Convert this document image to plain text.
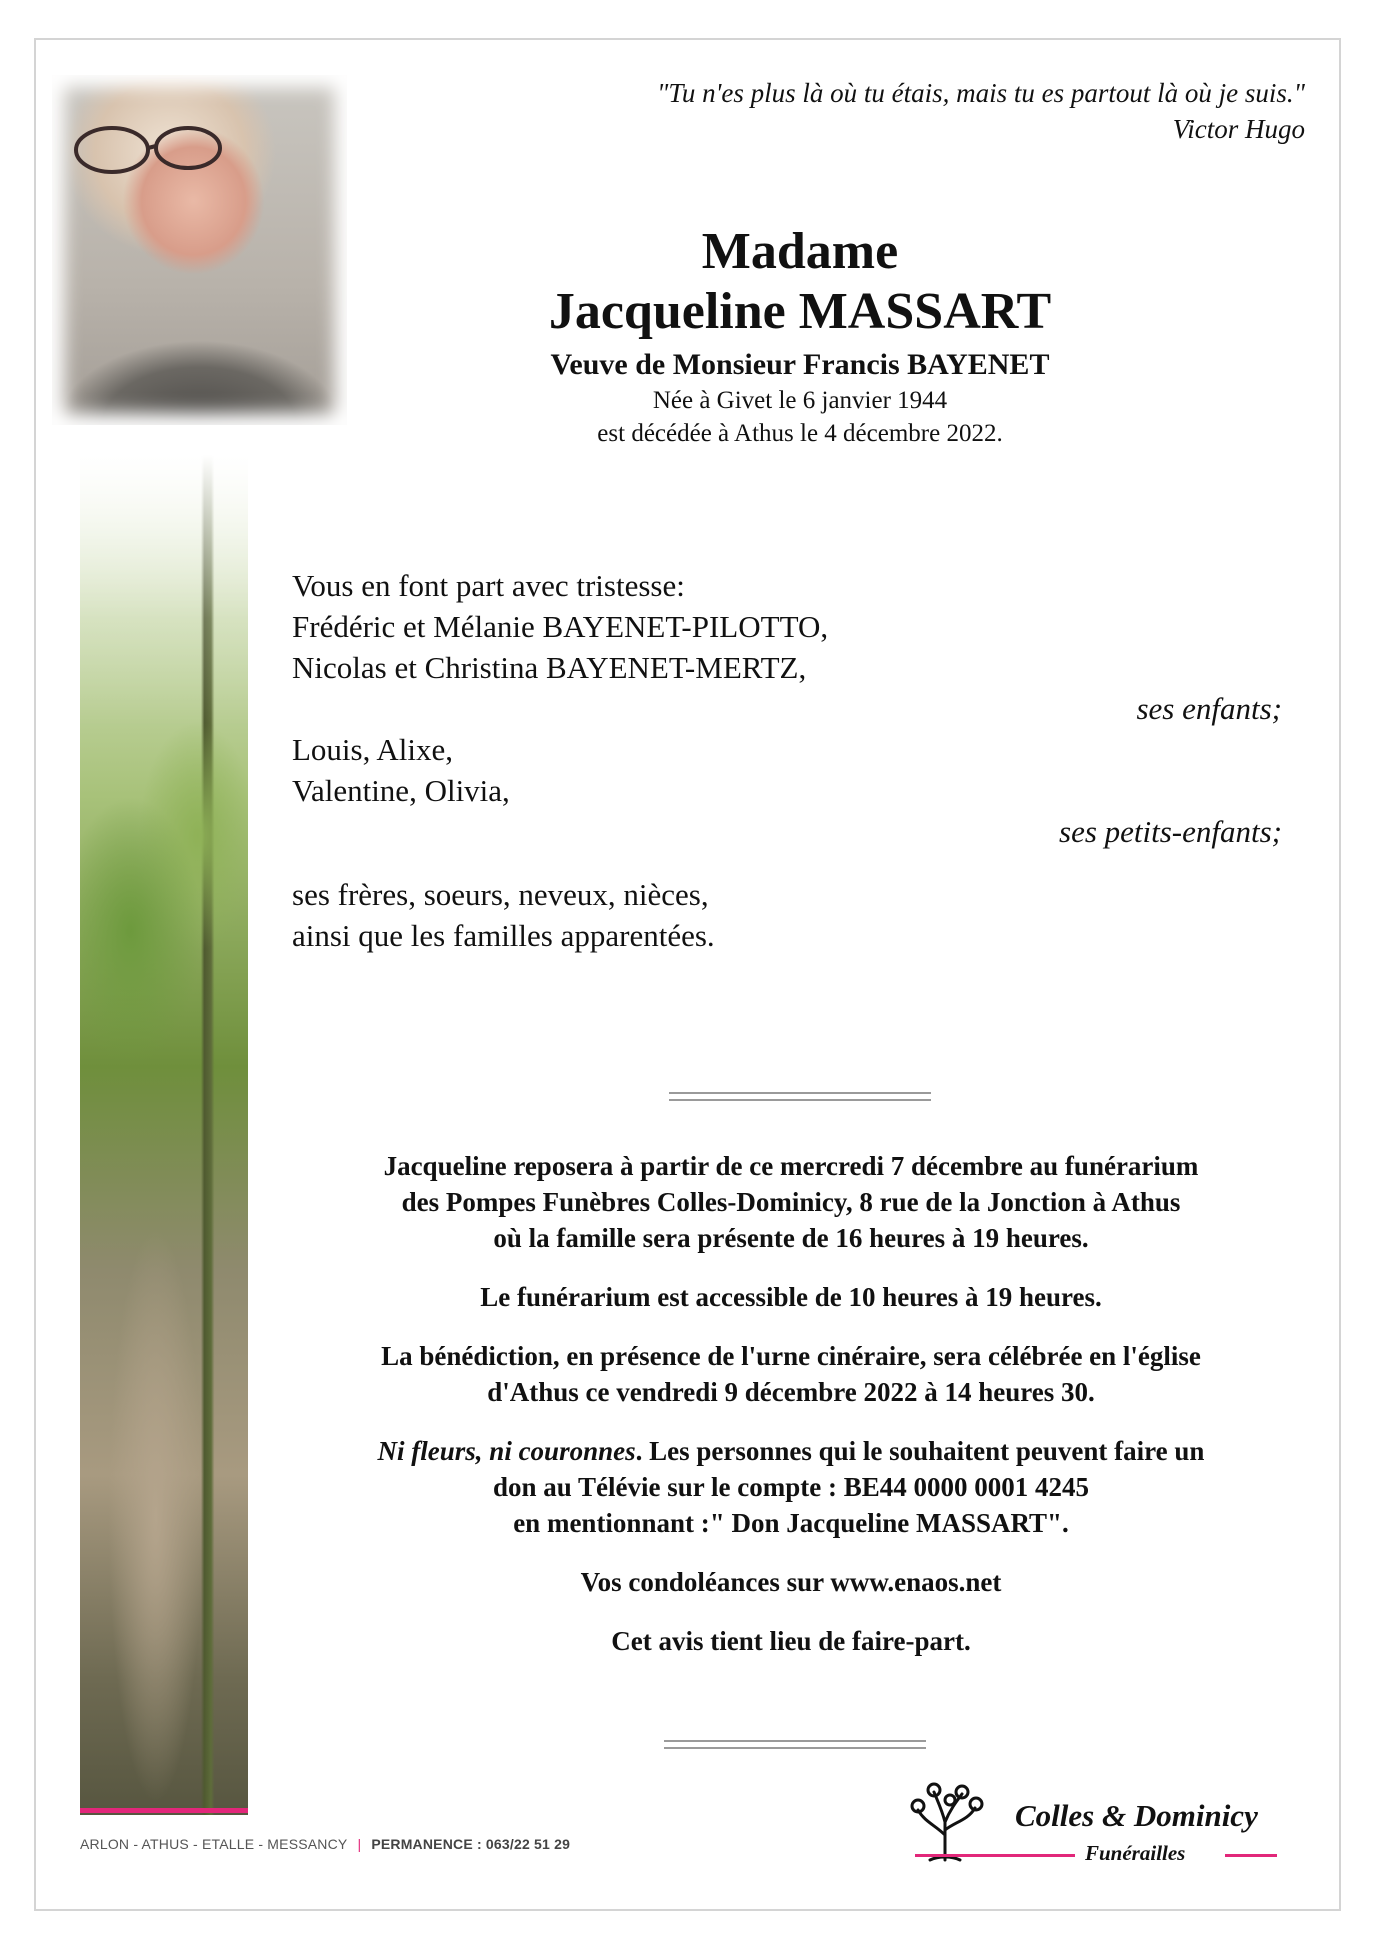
"Tu n'es plus là où tu étais, mais tu es partout là où je suis."
Victor Hugo
Madame
Jacqueline MASSART
Veuve de Monsieur Francis BAYENET
Née à Givet le 6 janvier 1944
est décédée à Athus le 4 décembre 2022.
Vous en font part avec tristesse:
Frédéric et Mélanie BAYENET-PILOTTO,
Nicolas et Christina BAYENET-MERTZ,
ses enfants;
Louis, Alixe,
Valentine, Olivia,
ses petits-enfants;
ses frères, soeurs, neveux, nièces,
ainsi que les familles apparentées.

Jacqueline reposera à partir de ce mercredi 7 décembre au funérarium
des Pompes Funèbres Colles-Dominicy, 8 rue de la Jonction à Athus
où la famille sera présente de 16 heures à 19 heures.

Le funérarium est accessible de 10 heures à 19 heures.

La bénédiction, en présence de l'urne cinéraire, sera célébrée en l'église
d'Athus ce vendredi 9 décembre 2022 à 14 heures 30.

Ni fleurs, ni couronnes. Les personnes qui le souhaitent peuvent faire un
don au Télévie sur le compte : BE44 0000 0001 4245
en mentionnant :" Don Jacqueline MASSART".

Vos condoléances sur www.enaos.net

Cet avis tient lieu de faire-part.

ARLON - ATHUS - ETALLE - MESSANCY | PERMANENCE : 063/22 51 29
Colles & Dominicy
Funérailles
